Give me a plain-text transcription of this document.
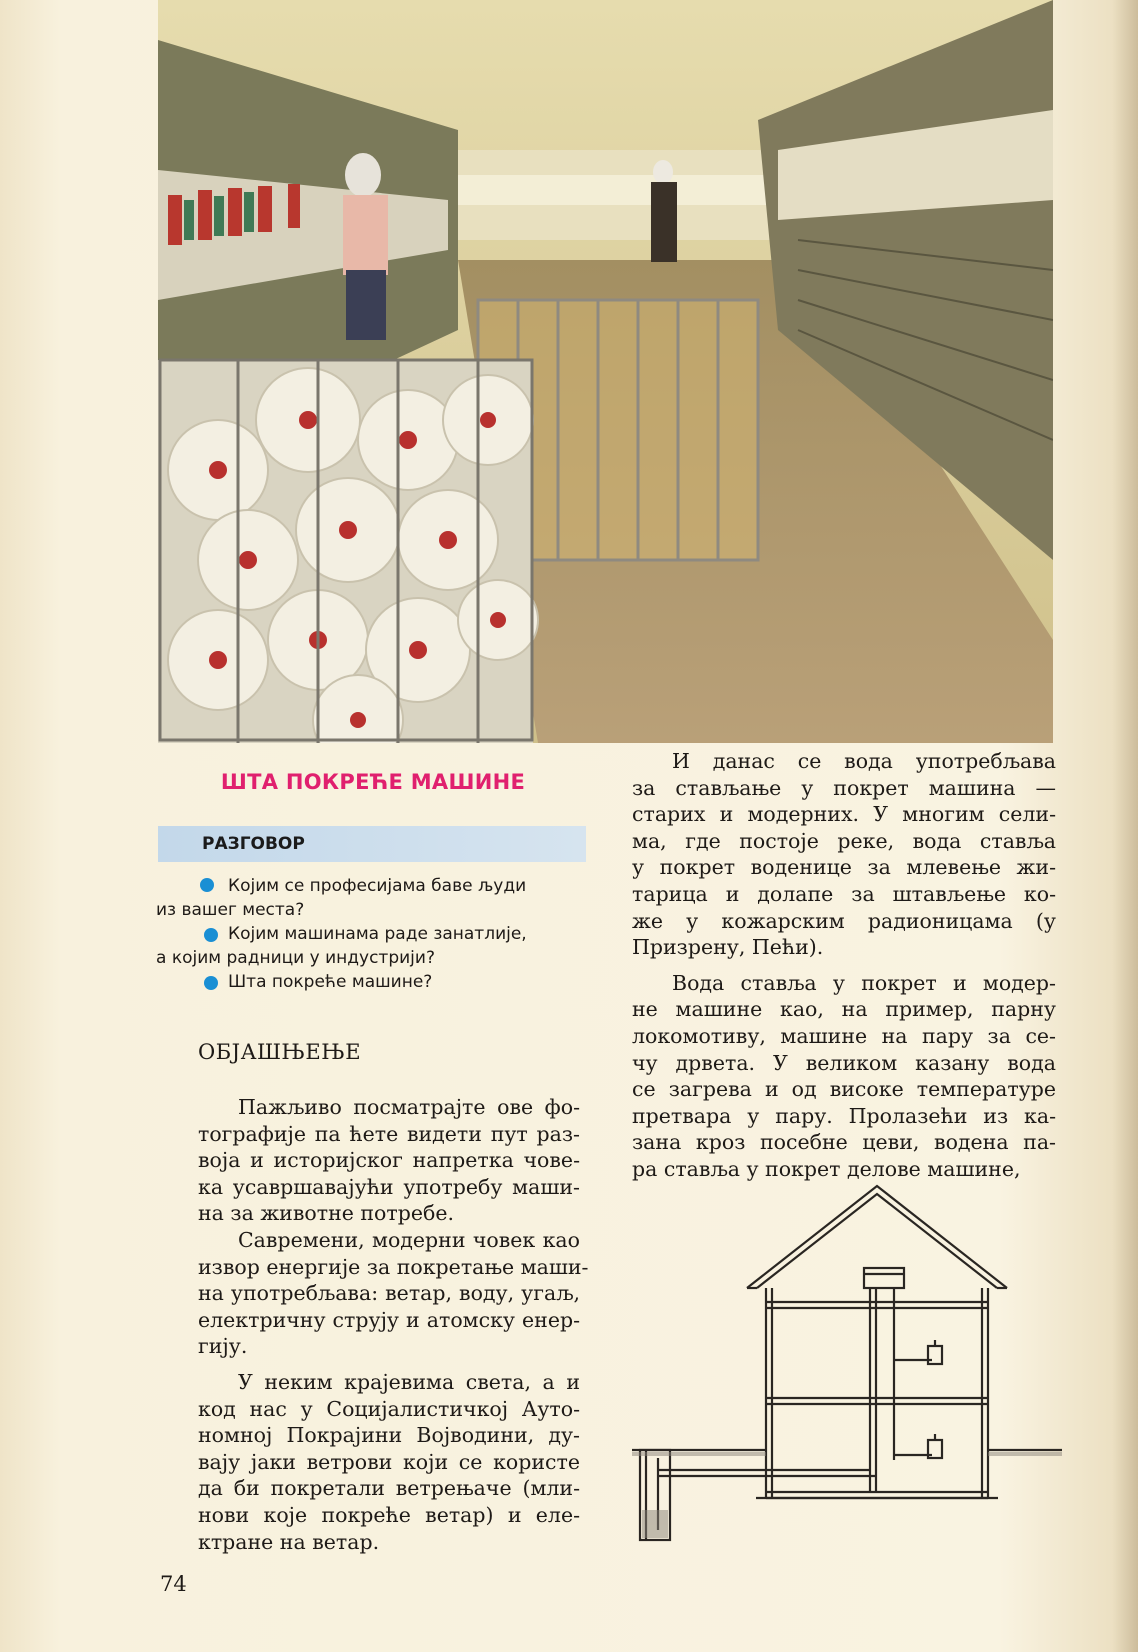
ШТА ПОКРЕЋЕ МАШИНЕ
РАЗГОВОР
Којим се професијама баве људи
из вашег места?
Којим машинама раде занатлије,
а којим радници у индустрији?
Шта покреће машине?
ОБЈАШЊЕЊЕ
Пажљиво посматрајте ове фо-
тографије па ћете видети пут раз-
воја и историјског напретка чове-
ка усавршавајући употребу маши-
на за животне потребе.
Савремени, модерни човек као
извор енергије за покретање маши-
на употребљава: ветар, воду, угаљ,
електричну струју и атомску енер-
гију.
У неким крајевима света, а и
код нас у Социјалистичкој Ауто-
номној Покрајини Војводини, ду-
вају јаки ветрови који се користе
да би покретали ветрењаче (мли-
нови које покреће ветар) и еле-
ктране на ветар.
И данас се вода употребљава
за стављање у покрет машина —
старих и модерних. У многим сели-
ма, где постоје реке, вода ставља
у покрет воденице за млевење жи-
тарица и долапе за штављење ко-
же у кожарским радионицама (у
Призрену, Пећи).
Вода ставља у покрет и модер-
не машине као, на пример, парну
локомотиву, машине на пару за се-
чу дрвета. У великом казану вода
се загрева и од високе температуре
претвара у пару. Пролазећи из ка-
зана кроз посебне цеви, водена па-
ра ставља у покрет делове машине,
74
